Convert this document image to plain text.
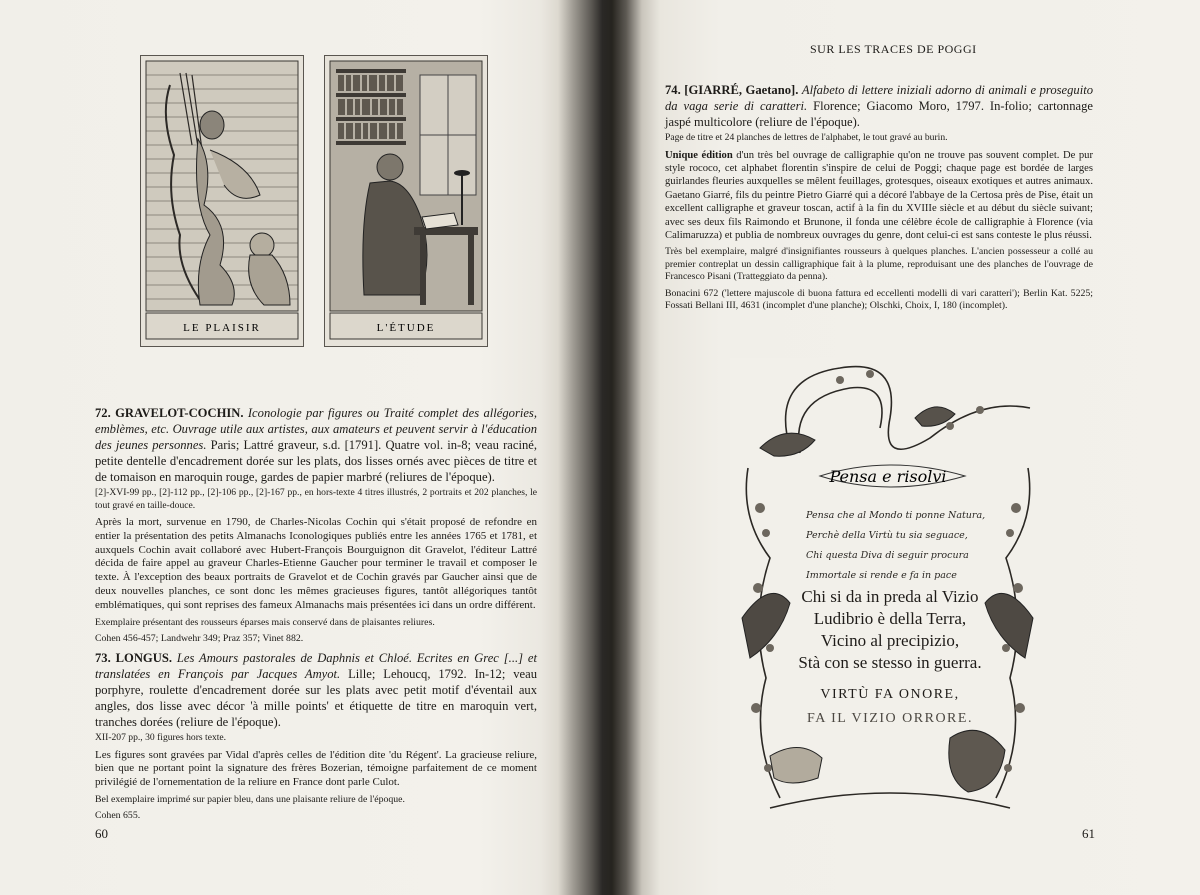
LE PLAISIR	L'ÉTUDE

72. GRAVELOT-COCHIN. Iconologie par figures ou Traité complet des allégories, emblèmes, etc. Ouvrage utile aux artistes, aux amateurs et peuvent servir à l'éducation des jeunes personnes. Paris; Lattré graveur, s.d. [1791]. Quatre vol. in-8; veau raciné, petite dentelle d'encadrement dorée sur les plats, dos lisses ornés avec pièces de titre et de tomaison en maroquin rouge, gardes de papier marbré (reliures de l'époque).

[2]-XVI-99 pp., [2]-112 pp., [2]-106 pp., [2]-167 pp., en hors-texte 4 titres illustrés, 2 portraits et 202 planches, le tout gravé en taille-douce.

Après la mort, survenue en 1790, de Charles-Nicolas Cochin qui s'était proposé de refondre en entier la présentation des petits Almanachs Iconologiques publiés entre les années 1765 et 1781, et auxquels Cochin avait collaboré avec Hubert-François Bourguignon dit Gravelot, l'éditeur Lattré décida de faire appel au graveur Charles-Etienne Gaucher pour terminer le travail et composer le texte. À l'exception des beaux portraits de Gravelot et de Cochin gravés par Gaucher ainsi que de deux nouvelles planches, ce sont donc les mêmes gracieuses figures, tantôt allégoriques tantôt emblématiques, qui sont reprises des fameux Almanachs mais présentées ici dans un ordre différent.

Exemplaire présentant des rousseurs éparses mais conservé dans de plaisantes reliures.

Cohen 456-457; Landwehr 349; Praz 357; Vinet 882.

73. LONGUS. Les Amours pastorales de Daphnis et Chloé. Ecrites en Grec [...] et translatées en François par Jacques Amyot. Lille; Lehoucq, 1792. In-12; veau porphyre, roulette d'encadrement dorée sur les plats avec petit motif d'éventail aux angles, dos lisse avec décor 'à mille points' et étiquette de titre en maroquin vert, tranches dorées (reliure de l'époque).

XII-207 pp., 30 figures hors texte.

Les figures sont gravées par Vidal d'après celles de l'édition dite 'du Régent'. La gracieuse reliure, bien que ne portant point la signature des frères Bozerian, témoigne parfaitement de ce moment privilégié de l'ornementation de la reliure en France dont parle Culot.

Bel exemplaire imprimé sur papier bleu, dans une plaisante reliure de l'époque.

Cohen 655.

60
SUR LES TRACES DE POGGI

74. [GIARRÉ, Gaetano]. Alfabeto di lettere iniziali adorno di animali e proseguito da vaga serie di caratteri. Florence; Giacomo Moro, 1797. In-folio; cartonnage jaspé multicolore (reliure de l'époque).

Page de titre et 24 planches de lettres de l'alphabet, le tout gravé au burin.

Unique édition d'un très bel ouvrage de calligraphie qu'on ne trouve pas souvent complet. De pur style rococo, cet alphabet florentin s'inspire de celui de Poggi; chaque page est bordée de larges guirlandes fleuries auxquelles se mêlent feuillages, grotesques, oiseaux exotiques et autres animaux. Gaetano Giarré, fils du peintre Pietro Giarré qui a décoré l'abbaye de la Certosa près de Pise, était un excellent calligraphe et graveur toscan, actif à la fin du XVIIIe siècle et au début du siècle suivant; avec ses deux fils Raimondo et Brunone, il fonda une célèbre école de calligraphie à Florence (via Calimaruzza) et publia de nombreux ouvrages du genre, dont celui-ci est sans conteste le plus réussi.

Très bel exemplaire, malgré d'insignifiantes rousseurs à quelques planches. L'ancien possesseur a collé au premier contreplat un dessin calligraphique fait à la plume, reproduisant une des planches de l'ouvrage de Francesco Pisani (Tratteggiato da penna).

Bonacini 672 ('lettere majuscole di buona fattura ed eccellenti modelli di vari caratteri'); Berlin Kat. 5225; Fossati Bellani III, 4631 (incomplet d'une planche); Olschki, Choix, I, 180 (incomplet).

Pensa e risolvi
Pensa che al Mondo ti ponne Natura,
Perchè della Virtù tu sia seguace,
Chi questa Diva di seguir procura
Immortale si rende e fa in pace
Chi si da in preda al Vizio
Ludibrio è della Terra,
Vicino al precipizio,
Stà con se stesso in guerra.
VIRTÙ FA ONORE,
FA IL VIZIO ORRORE.
61
